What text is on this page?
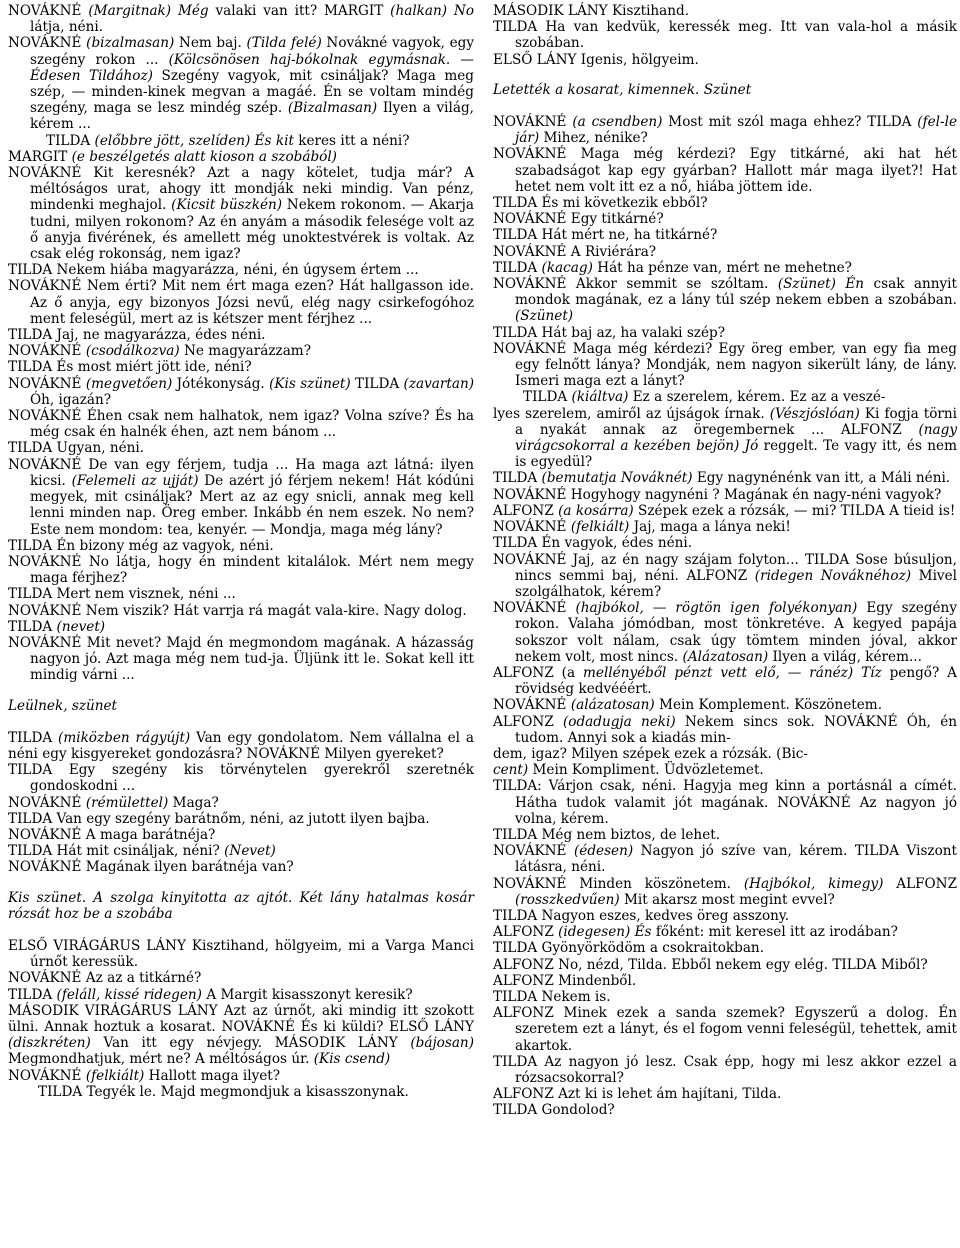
NOVÁKNÉ (Margitnak) Még valaki van itt? MARGIT (halkan) No látja, néni.

NOVÁKNÉ (bizalmasan) Nem baj. (Tilda felé) Novákné vagyok, egy szegény rokon ... (Kölcsönösen haj-bókolnak egymásnak. — Édesen Tildához) Szegény vagyok, mit csináljak? Maga meg szép, — minden-kinek megvan a magáé. Én se voltam mindég szegény, maga se lesz mindég szép. (Bizalmasan) Ilyen a világ, kérem ...

TILDA (előbbre jött, szelíden) És kit keres itt a néni?

MARGIT (e beszélgetés alatt kioson a szobából)

NOVÁKNÉ Kit keresnék? Azt a nagy kötelet, tudja már? A méltóságos urat, ahogy itt mondják neki mindig. Van pénz, mindenki meghajol. (Kicsit büszkén) Nekem rokonom. — Akarja tudni, milyen rokonom? Az én anyám a második felesége volt az ő anyja fivérének, és amellett még unoktestvérek is voltak. Az csak elég rokonság, nem igaz?

TILDA Nekem hiába magyarázza, néni, én úgysem értem ...

NOVÁKNÉ Nem érti? Mit nem ért maga ezen? Hát hallgasson ide. Az ő anyja, egy bizonyos Józsi nevű, elég nagy csirkefogóhoz ment feleségül, mert az is kétszer ment férjhez ...

TILDA Jaj, ne magyarázza, édes néni.

NOVÁKNÉ (csodálkozva) Ne magyarázzam?

TILDA És most miért jött ide, néni?

NOVÁKNÉ (megvetően) Jótékonyság. (Kis szünet) TILDA (zavartan) Óh, igazán?

NOVÁKNÉ Éhen csak nem halhatok, nem igaz? Volna szíve? És ha még csak én halnék éhen, azt nem bánom ...

TILDA Ugyan, néni.

NOVÁKNÉ De van egy férjem, tudja ... Ha maga azt látná: ilyen kicsi. (Felemeli az ujját) De azért jó férjem nekem! Hát kódúni megyek, mit csináljak? Mert az az egy snicli, annak meg kell lenni minden nap. Öreg ember. Inkább én nem eszek. No nem? Este nem mondom: tea, kenyér. — Mondja, maga még lány?

TILDA Én bizony még az vagyok, néni.

NOVÁKNÉ No látja, hogy én mindent kitalálok. Mért nem megy maga férjhez?

TILDA Mert nem visznek, néni ...

NOVÁKNÉ Nem viszik? Hát varrja rá magát vala-kire. Nagy dolog.

TILDA (nevet)

NOVÁKNÉ Mit nevet? Majd én megmondom magának. A házasság nagyon jó. Azt maga még nem tud-ja. Üljünk itt le. Sokat kell itt mindig várni ...

Leülnek, szünet

TILDA (miközben rágyújt) Van egy gondolatom. Nem vállalna el a néni egy kisgyereket gondozásra? NOVÁKNÉ Milyen gyereket?

TILDA Egy szegény kis törvénytelen gyerekről szeretnék gondoskodni ...

NOVÁKNÉ (rémülettel) Maga?

TILDA Van egy szegény barátnőm, néni, az jutott ilyen bajba.

NOVÁKNÉ A maga barátnéja?

TILDA Hát mit csináljak, néni? (Nevet)

NOVÁKNÉ Magának ilyen barátnéja van?

Kis szünet. A szolga kinyitotta az ajtót. Két lány hatalmas kosár rózsát hoz be a szobába

ELSŐ VIRÁGÁRUS LÁNY Kisztihand, hölgyeim, mi a Varga Manci úrnőt keressük.

NOVÁKNÉ Az az a titkárné?

TILDA (feláll, kissé ridegen) A Margit kisasszonyt keresik?

MÁSODIK VIRÁGÁRUS LÁNY Azt az úrnőt, aki mindig itt szokott ülni. Annak hoztuk a kosarat. NOVÁKNÉ És ki küldi? ELSŐ LÁNY (diszkréten) Van itt egy névjegy. MÁSODIK LÁNY (bájosan) Megmondhatjuk, mért ne? A méltóságos úr. (Kis csend)

NOVÁKNÉ (felkiált) Hallott maga ilyet?

TILDA Tegyék le. Majd megmondjuk a kisasszonynak.

MÁSODIK LÁNY Kisztihand.

TILDA Ha van kedvük, keressék meg. Itt van vala-hol a másik szobában.

ELSŐ LÁNY Igenis, hölgyeim.

Letették a kosarat, kimennek. Szünet

NOVÁKNÉ (a csendben) Most mit szól maga ehhez? TILDA (fel-le jár) Mihez, nénike?

NOVÁKNÉ Maga még kérdezi? Egy titkárné, aki hat hét szabadságot kap egy gyárban? Hallott már maga ilyet?! Hat hetet nem volt itt ez a nő, hiába jöttem ide.

TILDA És mi következik ebből?

NOVÁKNÉ Egy titkárné?

TILDA Hát mért ne, ha titkárné?

NOVÁKNÉ A Riviérára?

TILDA (kacag) Hát ha pénze van, mért ne mehetne?

NOVÁKNÉ Akkor semmit se szóltam. (Szünet) Én csak annyit mondok magának, ez a lány túl szép nekem ebben a szobában. (Szünet)

TILDA Hát baj az, ha valaki szép?

NOVÁKNÉ Maga még kérdezi? Egy öreg ember, van egy fia meg egy felnőtt lánya? Mondják, nem nagyon sikerült lány, de lány. Ismeri maga ezt a lányt?

TILDA (kiáltva) Ez a szerelem, kérem. Ez az a veszé-

lyes szerelem, amiről az újságok írnak. (Vészjóslóan) Ki fogja törni a nyakát annak az öregembernek ... ALFONZ (nagy virágcsokorral a kezében bejön) Jó reggelt. Te vagy itt, és nem is egyedül?

TILDA (bemutatja Nováknét) Egy nagynénénk van itt, a Máli néni.

NOVÁKNÉ Hogyhogy nagynéni ? Magának én nagy-néni vagyok?

ALFONZ (a kosárra) Szépek ezek a rózsák, — mi? TILDA A tieid is!

NOVÁKNÉ (felkiált) Jaj, maga a lánya neki!

TILDA Én vagyok, édes néni.

NOVÁKNÉ Jaj, az én nagy szájam folyton... TILDA Sose búsuljon, nincs semmi baj, néni. ALFONZ (ridegen Nováknéhoz) Mivel szolgálhatok, kérem?

NOVÁKNÉ (hajbókol, — rögtön igen folyékonyan) Egy szegény rokon. Valaha jómódban, most tönkretéve. A kegyed papája sokszor volt nálam, csak úgy tömtem minden jóval, akkor nekem volt, most nincs. (Alázatosan) Ilyen a világ, kérem...

ALFONZ (a mellényéből pénzt vett elő, — ránéz) Tíz pengő? A rövidség kedvééért.

NOVÁKNÉ (alázatosan) Mein Komplement. Köszönetem.

ALFONZ (odadugja neki) Nekem sincs sok. NOVÁKNÉ Óh, én tudom. Annyi sok a kiadás min-

dem, igaz? Milyen szépek ezek a rózsák. (Bic-

cent) Mein Kompliment. Üdvözletemet.

TILDA: Várjon csak, néni. Hagyja meg kinn a portásnál a címét. Hátha tudok valamit jót magának. NOVÁKNÉ Az nagyon jó volna, kérem.

TILDA Még nem biztos, de lehet.

NOVÁKNÉ (édesen) Nagyon jó szíve van, kérem. TILDA Viszont látásra, néni.

NOVÁKNÉ Minden köszönetem. (Hajbókol, kimegy) ALFONZ (rosszkedvűen) Mit akarsz most megint evvel?

TILDA Nagyon eszes, kedves öreg asszony.

ALFONZ (idegesen) És főként: mit keresel itt az irodában?

TILDA Gyönyörködöm a csokraitokban.

ALFONZ No, nézd, Tilda. Ebből nekem egy elég. TILDA Miből?

ALFONZ Mindenből.

TILDA Nekem is.

ALFONZ Minek ezek a sanda szemek? Egyszerű a dolog. Én szeretem ezt a lányt, és el fogom venni feleségül, tehettek, amit akartok.

TILDA Az nagyon jó lesz. Csak épp, hogy mi lesz akkor ezzel a rózsacsokorral?

ALFONZ Azt ki is lehet ám hajítani, Tilda.

TILDA Gondolod?
